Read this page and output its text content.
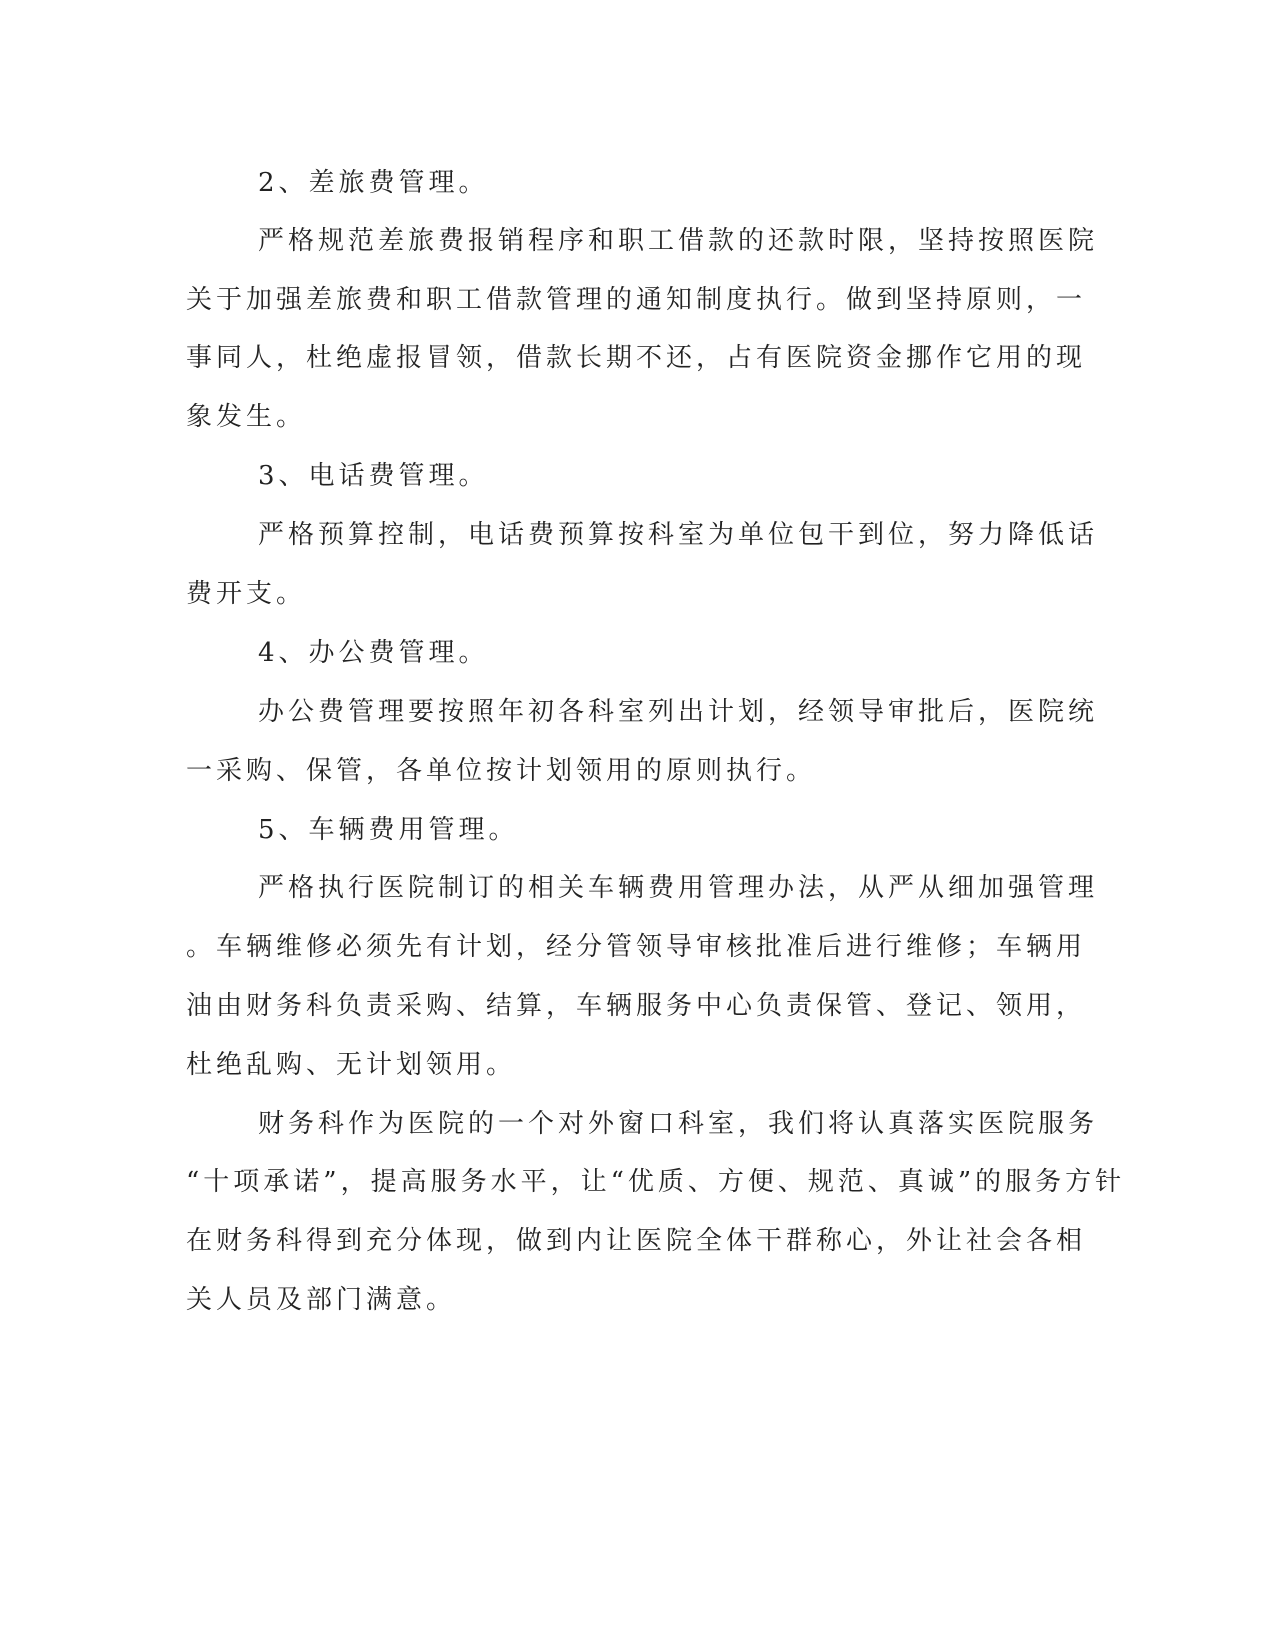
2、差旅费管理。
严格规范差旅费报销程序和职工借款的还款时限，坚持按照医院
关于加强差旅费和职工借款管理的通知制度执行。做到坚持原则，一
事同人，杜绝虚报冒领，借款长期不还，占有医院资金挪作它用的现
象发生。
3、电话费管理。
严格预算控制，电话费预算按科室为单位包干到位，努力降低话
费开支。
4、办公费管理。
办公费管理要按照年初各科室列出计划，经领导审批后，医院统
一采购、保管，各单位按计划领用的原则执行。
5、车辆费用管理。
严格执行医院制订的相关车辆费用管理办法，从严从细加强管理
。车辆维修必须先有计划，经分管领导审核批准后进行维修；车辆用
油由财务科负责采购、结算，车辆服务中心负责保管、登记、领用，
杜绝乱购、无计划领用。
财务科作为医院的一个对外窗口科室，我们将认真落实医院服务
“十项承诺”，提高服务水平，让“优质、方便、规范、真诚”的服务方针
在财务科得到充分体现，做到内让医院全体干群称心，外让社会各相
关人员及部门满意。
